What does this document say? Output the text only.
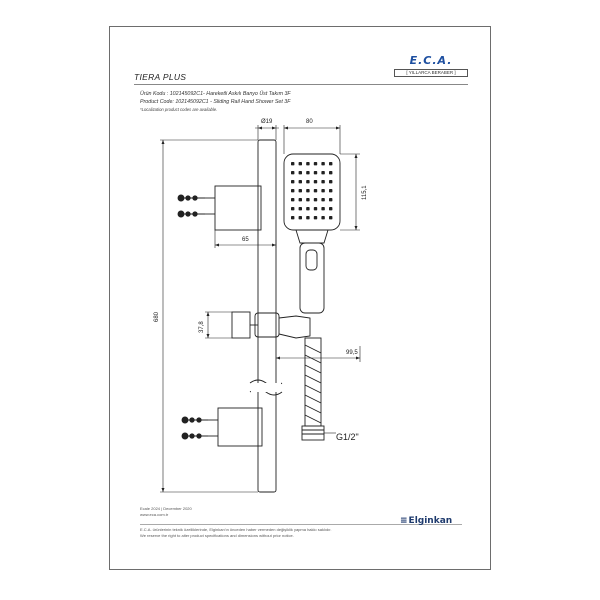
E.C.A.
[ YILLARCA BERABER ]
TIERA PLUS
Ürün Kodu : 102145092C1- Hareketli Askılı Banyo Üst Takım 3F
Product Code: 102145092C1 - Sliding Rail Hand Shower Set 3F
*Localization product codes are available.
Ø19	80
115,1
65
680
37,8
99,5
G1/2"
Ecale 2024 | December 2020
www.eca.com.tr
E.C.A. ürünlerinin teknik özelliklerinde, Elginkan'ın önceden haber vermeden değişiklik yapma hakkı saklıdır.
We reserve the right to alter product specifications and dimensions without prior notice.
≡Elginkan
